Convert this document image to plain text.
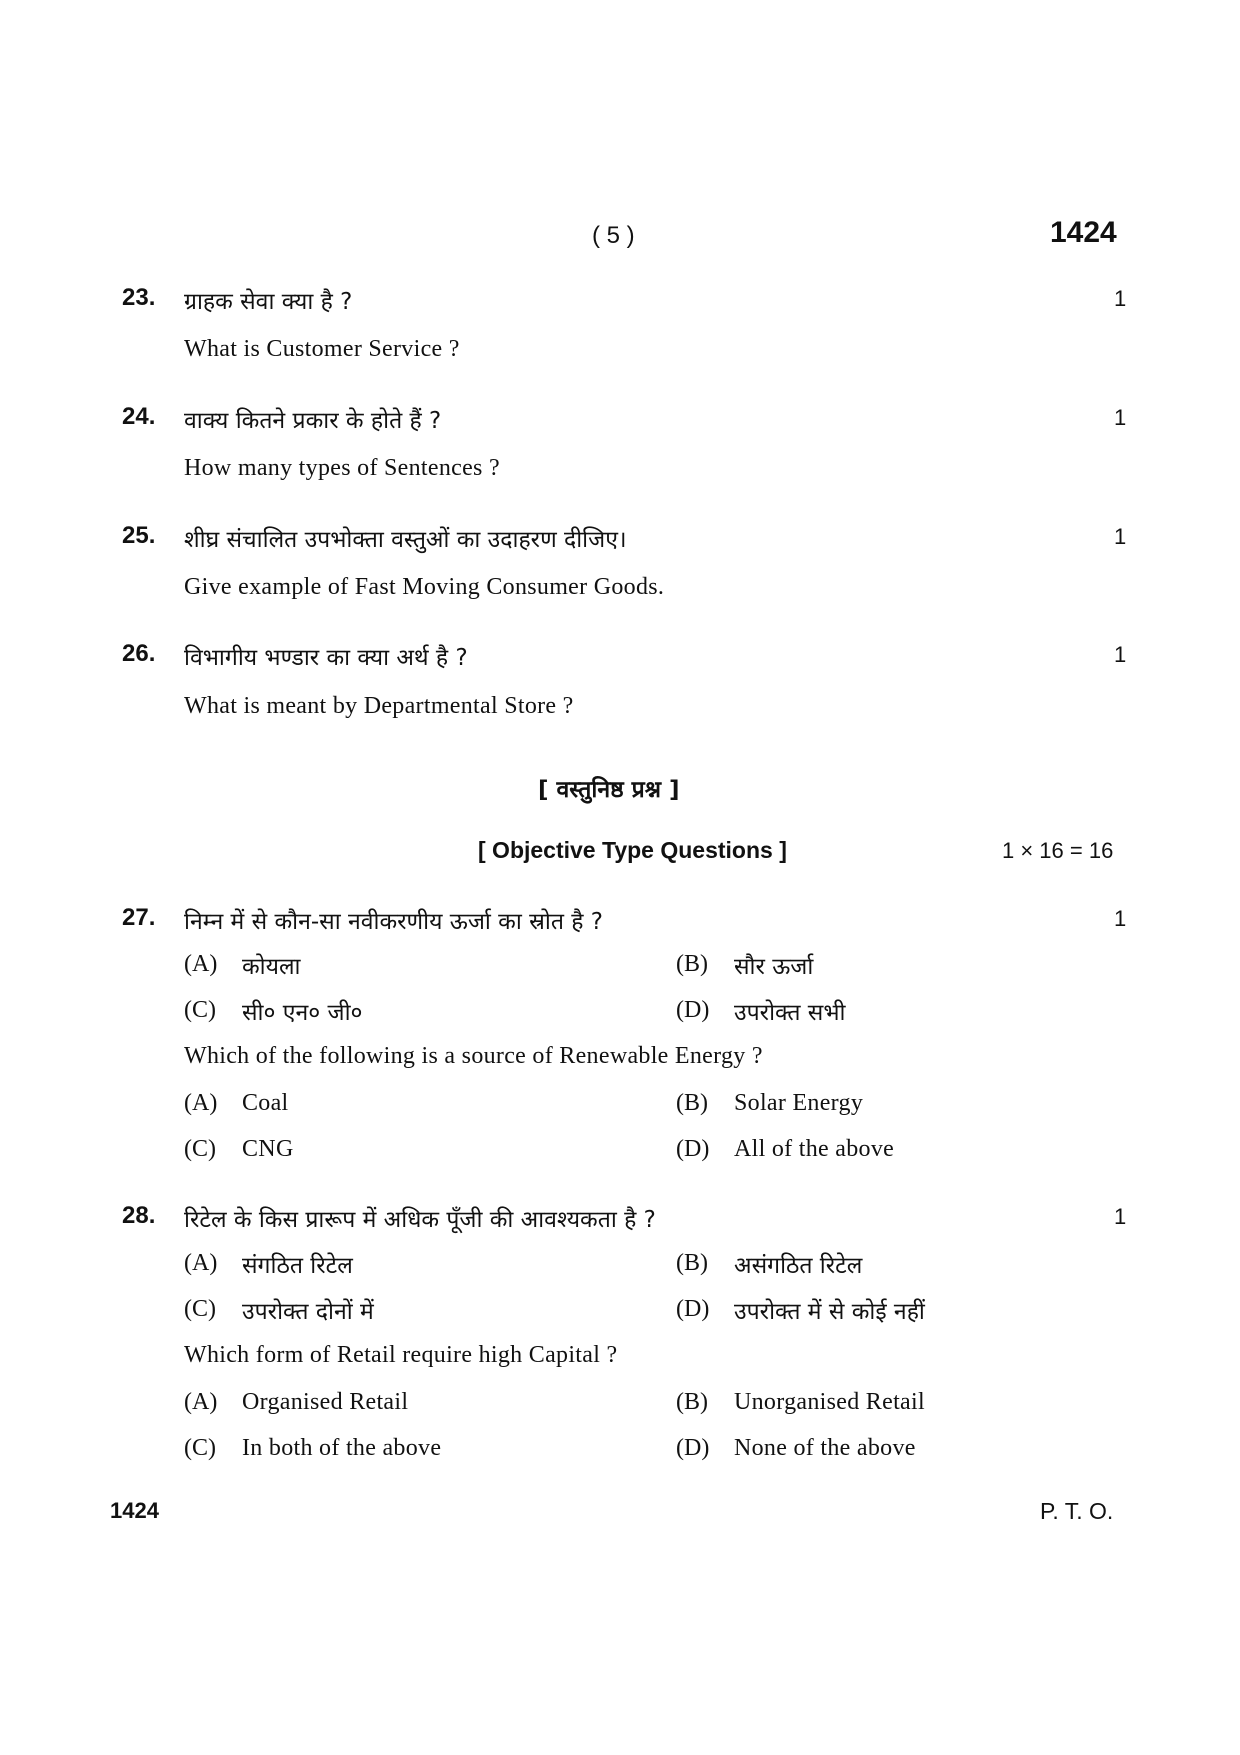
( 5 )	1424
23. ग्राहक सेवा क्या है ?	1
What is Customer Service ?
24. वाक्य कितने प्रकार के होते हैं ?	1
How many types of Sentences ?
25. शीघ्र संचालित उपभोक्ता वस्तुओं का उदाहरण दीजिए।	1
Give example of Fast Moving Consumer Goods.
26. विभागीय भण्डार का क्या अर्थ है ?	1
What is meant by Departmental Store ?
[ वस्तुनिष्ठ प्रश्न ]
[ Objective Type Questions ]	1 × 16 = 16
27. निम्न में से कौन-सा नवीकरणीय ऊर्जा का स्रोत है ?	1
(A) कोयला	(B) सौर ऊर्जा
(C) सी० एन० जी०	(D) उपरोक्त सभी
Which of the following is a source of Renewable Energy ?
(A) Coal	(B) Solar Energy
(C) CNG	(D) All of the above
28. रिटेल के किस प्रारूप में अधिक पूँजी की आवश्यकता है ?	1
(A) संगठित रिटेल	(B) असंगठित रिटेल
(C) उपरोक्त दोनों में	(D) उपरोक्त में से कोई नहीं
Which form of Retail require high Capital ?
(A) Organised Retail	(B) Unorganised Retail
(C) In both of the above	(D) None of the above
1424	P. T. O.
